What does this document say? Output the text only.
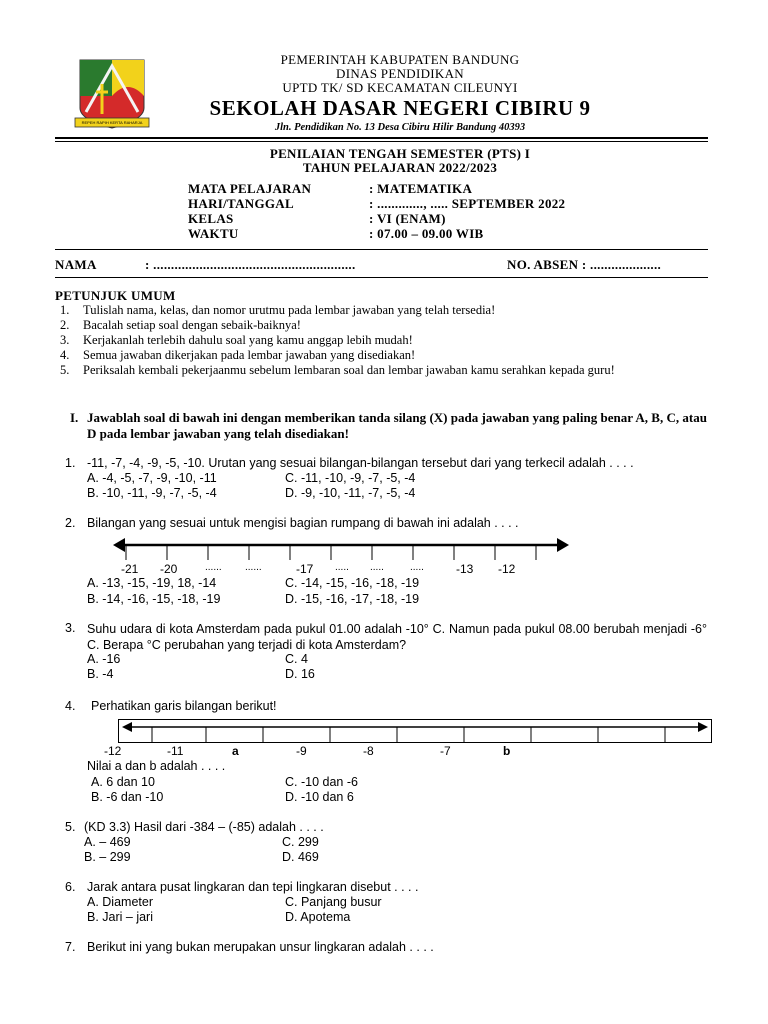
REPEH RAPIH KERTA RAHARJA
PEMERINTAH KABUPATEN BANDUNG
DINAS PENDIDIKAN
UPTD TK/ SD KECAMATAN CILEUNYI
SEKOLAH DASAR NEGERI CIBIRU 9
Jln. Pendidikan No. 13 Desa Cibiru Hilir Bandung 40393
PENILAIAN TENGAH SEMESTER (PTS) I
TAHUN PELAJARAN 2022/2023
MATA PELAJARAN	: MATEMATIKA
HARI/TANGGAL	: ............., ..... SEPTEMBER 2022
KELAS	: VI (ENAM)
WAKTU	: 07.00 – 09.00 WIB
NAMA	: .........................................................	NO. ABSEN : ....................
PETUNJUK UMUM
1. Tulislah nama, kelas, dan nomor urutmu pada lembar jawaban yang telah tersedia!
2. Bacalah setiap soal dengan sebaik-baiknya!
3. Kerjakanlah terlebih dahulu soal yang kamu anggap lebih mudah!
4. Semua jawaban dikerjakan pada lembar jawaban yang disediakan!
5. Periksalah kembali pekerjaanmu sebelum lembaran soal dan lembar jawaban kamu serahkan kepada guru!
I. Jawablah soal di bawah ini dengan memberikan tanda silang (X) pada jawaban yang paling benar A, B, C, atau D pada lembar jawaban yang telah disediakan!
1. -11, -7, -4, -9, -5, -10. Urutan yang sesuai bilangan-bilangan tersebut dari yang terkecil adalah . . . .
A. -4, -5, -7, -9, -10, -11
B. -10, -11, -9, -7, -5, -4
C. -11, -10, -9, -7, -5, -4
D. -9, -10, -11, -7, -5, -4
2. Bilangan yang sesuai untuk mengisi bagian rumpang di bawah ini adalah . . . .
-21 -20	...... ......	-17 ..... .....	.....	-13 -12
A. -13, -15, -19, 18, -14
B. -14, -16, -15, -18, -19
C. -14, -15, -16, -18, -19
D. -15, -16, -17, -18, -19
3. Suhu udara di kota Amsterdam pada pukul 01.00 adalah -10° C. Namun pada pukul 08.00 berubah menjadi -6° C. Berapa °C perubahan yang terjadi di kota Amsterdam?
A. -16
B. -4
C. 4
D. 16
4. Perhatikan garis bilangan berikut!
-12	-11	a	-9	-8	-7	b
Nilai a dan b adalah . . . .
A. 6 dan 10
B. -6 dan -10
C. -10 dan -6
D. -10 dan 6
5. (KD 3.3) Hasil dari -384 – (-85) adalah . . . .
A. – 469
B. – 299
C. 299
D. 469
6. Jarak antara pusat lingkaran dan tepi lingkaran disebut . . . .
A. Diameter
B. Jari – jari
C. Panjang busur
D. Apotema
7. Berikut ini yang bukan merupakan unsur lingkaran adalah . . . .
